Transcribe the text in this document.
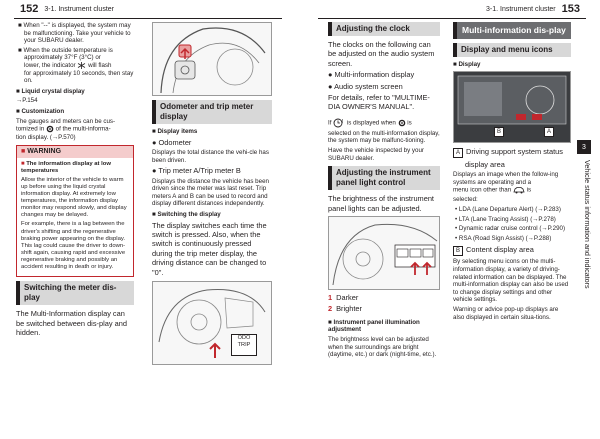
152 3-1. Instrument cluster	3-1. Instrument cluster 153
3
Vehicle status information and indicators

■ When "--" is displayed, the system may be malfunctioning. Take your vehicle to your SUBARU dealer.

■ When the outside temperature is approximately 37°F (3°C) or
lower, the indicator will flash
for approximately 10 seconds, then stay on.

■ Liquid crystal display

→P.154

■ Customization

The gauges and meters can be cus-
tomized in of the multi-informa-
tion display. (→P.570)

■ WARNING

■ The information display at low temperatures

Allow the interior of the vehicle to warm up before using the liquid crystal information display. At extremely low temperatures, the information display monitor may respond slowly, and display changes may be delayed.

For example, there is a lag between the driver's shifting and the regenerative braking power appearing on the display. This lag could cause the driver to down-shift again, causing rapid and excessive regenerative braking and possibly an accident resulting in death or injury.

Switching the meter dis-play

The Multi-Information display can be switched between dis-play and hidden.

Odometer and trip meter display

■ Display items

● Odometer

Displays the total distance the vehi-cle has been driven.

● Trip meter A/Trip meter B

Displays the distance the vehicle has been driven since the meter was last reset. Trip meters A and B can be used to record and display different distances independently.

■ Switching the display

The display switches each time the switch is pressed. Also, when the switch is continuously pressed during the trip meter display, the driving distance can be changed to "0".

ODO
TRIP
Adjusting the clock

The clocks on the following can be adjusted on the audio system screen.

● Multi-information display

● Audio system screen

For details, refer to "MULTIME-DIA OWNER'S MANUAL".

If ! is displayed when is

selected on the multi-information display, the system may be malfunc-tioning.

Have the vehicle inspected by your SUBARU dealer.

Adjusting the instrument panel light control

The brightness of the instrument panel lights can be adjusted.

1 Darker

2 Brighter

■ Instrument panel illumination adjustment

The brightness level can be adjusted when the surroundings are bright (daytime, etc.) or dark (night-time, etc.).

Multi-information dis-play
Display and menu icons

■ Display

B	A

A Driving support system status

display area

Displays an image when the follow-ing systems are operating and a
menu icon other than is

selected:

• LDA (Lane Departure Alert) (→P.283)

• LTA (Lane Tracing Assist) (→P.278)

• Dynamic radar cruise control (→P.290)

• RSA (Road Sign Assist) (→P.288)

B Content display area

By selecting menu icons on the multi-information display, a variety of driving-related information can be displayed. The multi-information display can also be used to change display settings and other vehicle settings.

Warning or advice pop-up displays are also displayed in certain situa-tions.
